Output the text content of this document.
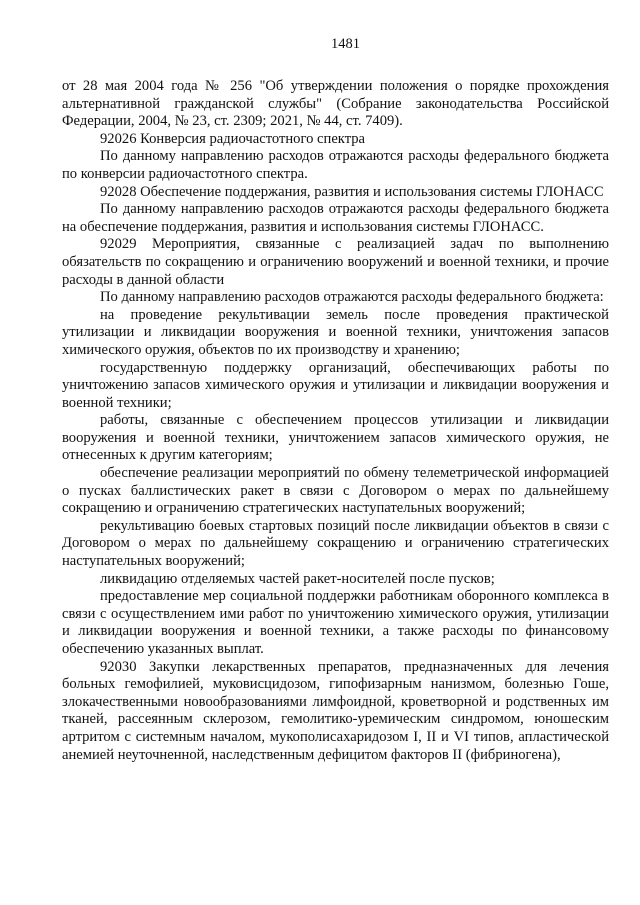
1481

от 28 мая 2004 года № 256 "Об утверждении положения о порядке прохождения альтернативной гражданской службы" (Собрание законодательства Российской Федерации, 2004, № 23, ст. 2309; 2021, № 44, ст. 7409).

92026 Конверсия радиочастотного спектра

По данному направлению расходов отражаются расходы федерального бюджета по конверсии радиочастотного спектра.

92028 Обеспечение поддержания, развития и использования системы ГЛОНАСС

По данному направлению расходов отражаются расходы федерального бюджета на обеспечение поддержания, развития и использования системы ГЛОНАСС.

92029 Мероприятия, связанные с реализацией задач по выполнению обязательств по сокращению и ограничению вооружений и военной техники, и прочие расходы в данной области

По данному направлению расходов отражаются расходы федерального бюджета:

на проведение рекультивации земель после проведения практической утилизации и ликвидации вооружения и военной техники, уничтожения запасов химического оружия, объектов по их производству и хранению;

государственную поддержку организаций, обеспечивающих работы по уничтожению запасов химического оружия и утилизации и ликвидации вооружения и военной техники;

работы, связанные с обеспечением процессов утилизации и ликвидации вооружения и военной техники, уничтожением запасов химического оружия, не отнесенных к другим категориям;

обеспечение реализации мероприятий по обмену телеметрической информацией о пусках баллистических ракет в связи с Договором о мерах по дальнейшему сокращению и ограничению стратегических наступательных вооружений;

рекультивацию боевых стартовых позиций после ликвидации объектов в связи с Договором о мерах по дальнейшему сокращению и ограничению стратегических наступательных вооружений;

ликвидацию отделяемых частей ракет-носителей после пусков;

предоставление мер социальной поддержки работникам оборонного комплекса в связи с осуществлением ими работ по уничтожению химического оружия, утилизации и ликвидации вооружения и военной техники, а также расходы по финансовому обеспечению указанных выплат.

92030 Закупки лекарственных препаратов, предназначенных для лечения больных гемофилией, муковисцидозом, гипофизарным нанизмом, болезнью Гоше, злокачественными новообразованиями лимфоидной, кроветворной и родственных им тканей, рассеянным склерозом, гемолитико-уремическим синдромом, юношеским артритом с системным началом, мукополисахаридозом I, II и VI типов, апластической анемией неуточненной, наследственным дефицитом факторов II (фибриногена),
